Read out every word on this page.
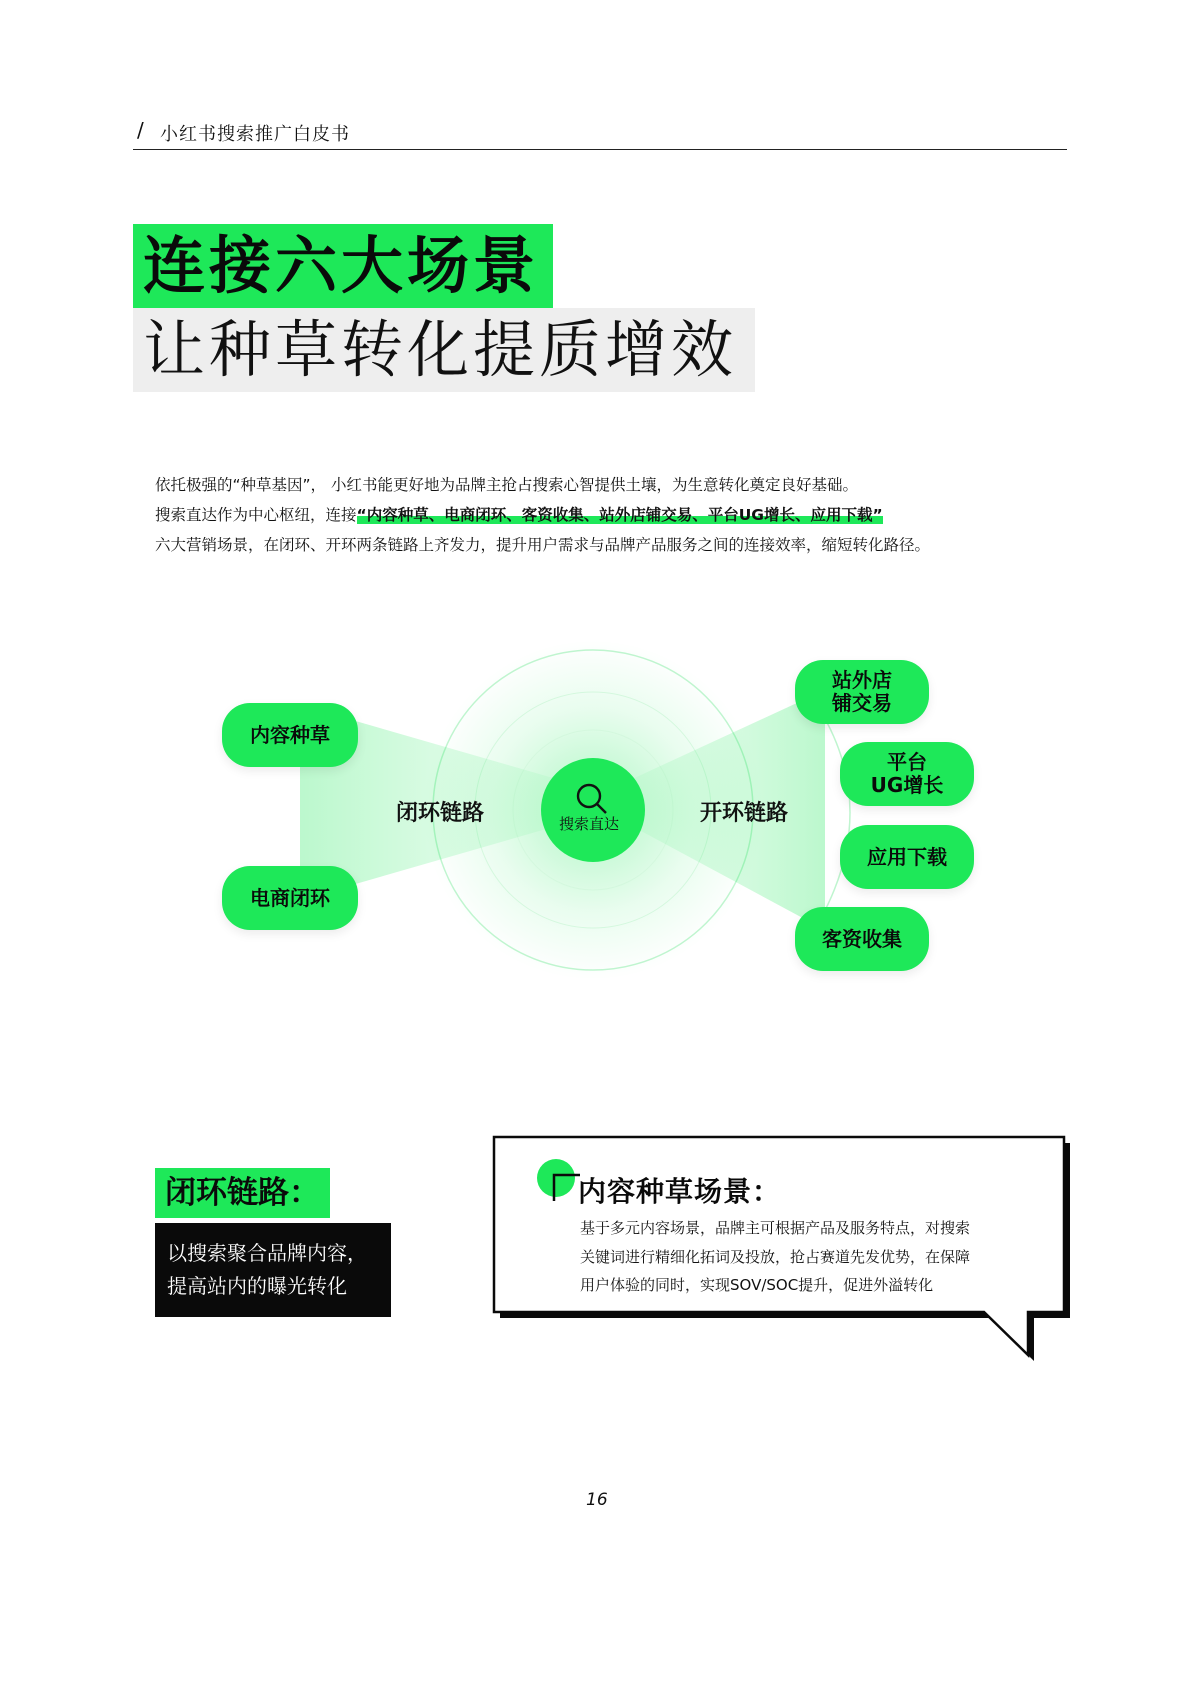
/ 小红书搜索推广白皮书
连接六大场景
让种草转化提质增效
依托极强的“种草基因”， 小红书能更好地为品牌主抢占搜索心智提供土壤，为生意转化奠定良好基础。
搜索直达作为中心枢纽，连接“内容种草、电商闭环、客资收集、站外店铺交易、平台UG增长、应用下载”
六大营销场景，在闭环、开环两条链路上齐发力，提升用户需求与品牌产品服务之间的连接效率，缩短转化路径。
搜索直达
闭环链路	开环链路
内容种草
电商闭环
站外店
铺交易
平台
UG增长
应用下载
客资收集
闭环链路：
以搜索聚合品牌内容，
提高站内的曝光转化
内容种草场景：
基于多元内容场景，品牌主可根据产品及服务特点，对搜索
关键词进行精细化拓词及投放，抢占赛道先发优势，在保障
用户体验的同时，实现SOV/SOC提升，促进外溢转化
16
